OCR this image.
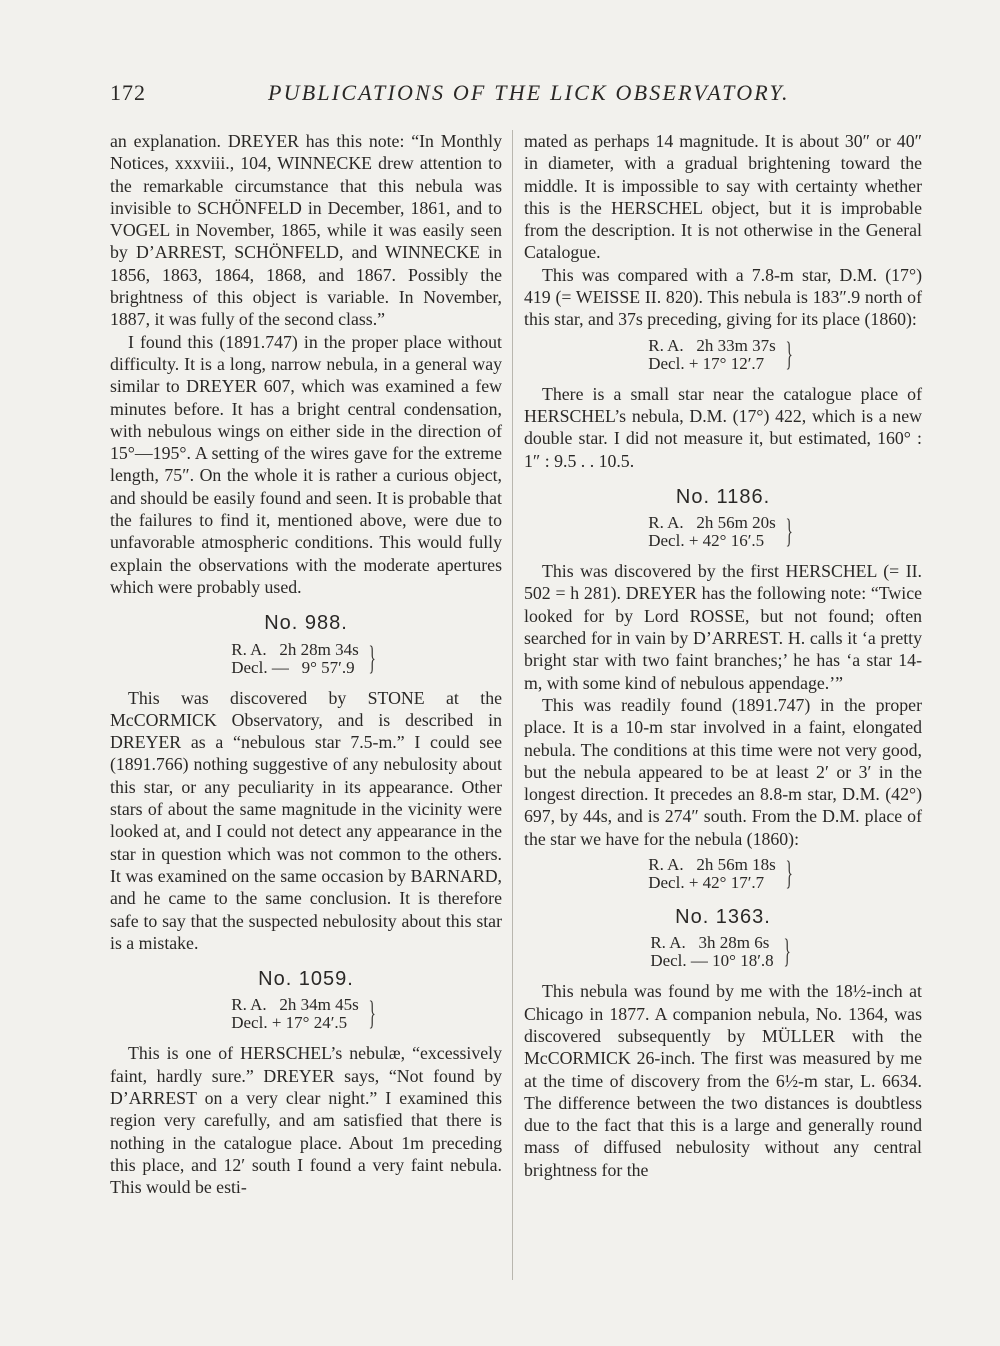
172	PUBLICATIONS OF THE LICK OBSERVATORY.

an explanation. DREYER has this note: “In Monthly Notices, xxxviii., 104, WINNECKE drew attention to the remarkable circumstance that this nebula was invisible to SCHÖNFELD in December, 1861, and to VOGEL in November, 1865, while it was easily seen by D’ARREST, SCHÖNFELD, and WINNECKE in 1856, 1863, 1864, 1868, and 1867. Possibly the brightness of this object is variable. In November, 1887, it was fully of the second class.”

I found this (1891.747) in the proper place without difficulty. It is a long, narrow nebula, in a general way similar to DREYER 607, which was examined a few minutes before. It has a bright central condensation, with nebulous wings on either side in the direction of 15°—195°. A setting of the wires gave for the extreme length, 75″. On the whole it is rather a curious object, and should be easily found and seen. It is probable that the failures to find it, mentioned above, were due to unfavorable atmospheric conditions. This would fully explain the observations with the moderate apertures which were probably used.

No. 988.
R. A.   2h 28m 34s
Decl. —   9° 57′.9 }

This was discovered by STONE at the McCORMICK Observatory, and is described in DREYER as a “nebulous star 7.5-m.” I could see (1891.766) nothing suggestive of any nebulosity about this star, or any peculiarity in its appearance. Other stars of about the same magnitude in the vicinity were looked at, and I could not detect any appearance in the star in question which was not common to the others. It was examined on the same occasion by BARNARD, and he came to the same conclusion. It is therefore safe to say that the suspected nebulosity about this star is a mistake.

No. 1059.
R. A.   2h 34m 45s
Decl. + 17° 24′.5 }

This is one of HERSCHEL’s nebulæ, “excessively faint, hardly sure.” DREYER says, “Not found by D’ARREST on a very clear night.” I examined this region very carefully, and am satisfied that there is nothing in the catalogue place. About 1m preceding this place, and 12′ south I found a very faint nebula. This would be esti-

mated as perhaps 14 magnitude. It is about 30″ or 40″ in diameter, with a gradual brightening toward the middle. It is impossible to say with certainty whether this is the HERSCHEL object, but it is improbable from the description. It is not otherwise in the General Catalogue.

This was compared with a 7.8-m star, D.M. (17°) 419 (= WEISSE II. 820). This nebula is 183″.9 north of this star, and 37s preceding, giving for its place (1860):

R. A.   2h 33m 37s
Decl. + 17° 12′.7 }

There is a small star near the catalogue place of HERSCHEL’s nebula, D.M. (17°) 422, which is a new double star. I did not measure it, but estimated, 160° : 1″ : 9.5 . . 10.5.

No. 1186.
R. A.   2h 56m 20s
Decl. + 42° 16′.5 }

This was discovered by the first HERSCHEL (= II. 502 = h 281). DREYER has the following note: “Twice looked for by Lord ROSSE, but not found; often searched for in vain by D’ARREST. H. calls it ‘a pretty bright star with two faint branches;’ he has ‘a star 14-m, with some kind of nebulous appendage.’”

This was readily found (1891.747) in the proper place. It is a 10-m star involved in a faint, elongated nebula. The conditions at this time were not very good, but the nebula appeared to be at least 2′ or 3′ in the longest direction. It precedes an 8.8-m star, D.M. (42°) 697, by 44s, and is 274″ south. From the D.M. place of the star we have for the nebula (1860):

R. A.   2h 56m 18s
Decl. + 42° 17′.7 }
No. 1363.
R. A.   3h 28m 6s
Decl. — 10° 18′.8 }

This nebula was found by me with the 18½-inch at Chicago in 1877. A companion nebula, No. 1364, was discovered subsequently by MÜLLER with the McCORMICK 26-inch. The first was measured by me at the time of discovery from the 6½-m star, L. 6634. The difference between the two distances is doubtless due to the fact that this is a large and generally round mass of diffused nebulosity without any central brightness for the
